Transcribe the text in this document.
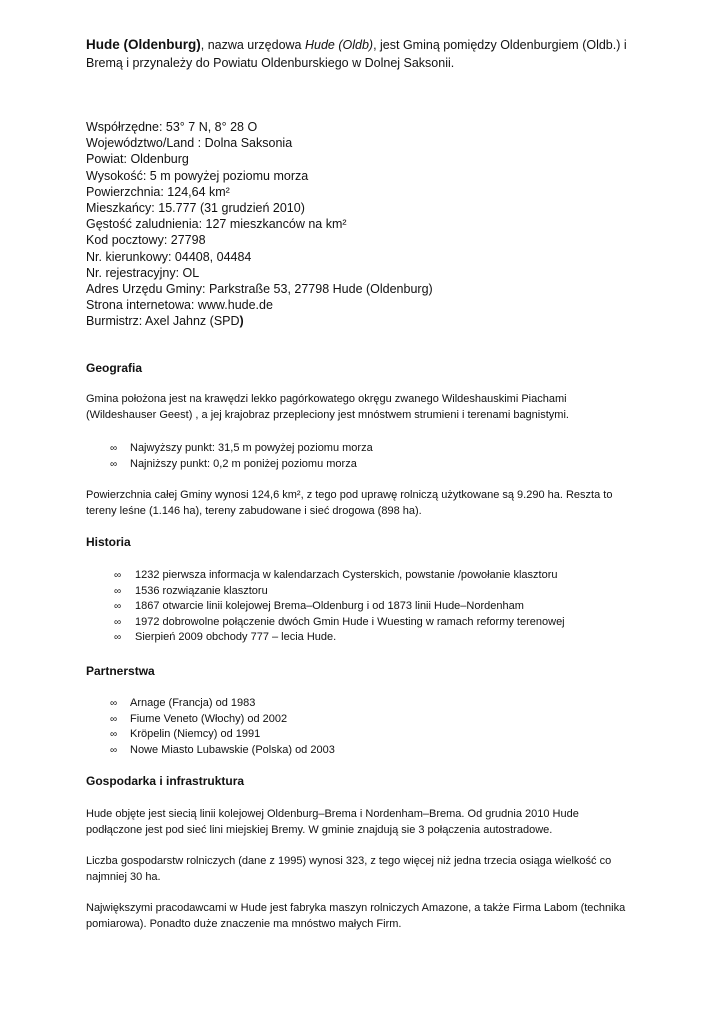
Hude (Oldenburg), nazwa urzędowa Hude (Oldb), jest Gminą pomiędzy Oldenburgiem (Oldb.) i
Bremą i przynależy do Powiatu Oldenburskiego w Dolnej Saksonii.
Współrzędne: 53° 7 N, 8° 28 O
Województwo/Land : Dolna Saksonia
Powiat: Oldenburg
Wysokość: 5 m powyżej poziomu morza
Powierzchnia: 124,64 km²
Mieszkańcy: 15.777 (31 grudzień 2010)
Gęstość zaludnienia: 127 mieszkanców na km²
Kod pocztowy: 27798
Nr. kierunkowy: 04408, 04484
Nr. rejestracyjny: OL
Adres Urzędu Gminy: Parkstraße 53, 27798 Hude (Oldenburg)
Strona internetowa: www.hude.de
Burmistrz: Axel Jahnz (SPD)
Geografia
Gmina położona jest na krawędzi lekko pagórkowatego okręgu zwanego Wildeshauskimi Piachami
(Wildeshauser Geest) , a jej krajobraz przepleciony jest mnóstwem strumieni i terenami bagnistymi.
∞ Najwyższy punkt: 31,5 m powyżej poziomu morza
∞ Najniższy punkt: 0,2 m poniżej poziomu morza
Powierzchnia całej Gminy wynosi 124,6 km², z tego pod uprawę rolniczą użytkowane są 9.290 ha. Reszta to
tereny leśne (1.146 ha), tereny zabudowane i sieć drogowa (898 ha).
Historia
∞ 1232 pierwsza informacja w kalendarzach Cysterskich, powstanie /powołanie klasztoru
∞ 1536 rozwiązanie klasztoru
∞ 1867 otwarcie linii kolejowej Brema–Oldenburg i od 1873 linii Hude–Nordenham
∞ 1972 dobrowolne połączenie dwóch Gmin Hude i Wuesting w ramach reformy terenowej
∞ Sierpień 2009 obchody 777 – lecia Hude.
Partnerstwa
∞ Arnage (Francja) od 1983
∞ Fiume Veneto (Włochy) od 2002
∞ Kröpelin (Niemcy) od 1991
∞ Nowe Miasto Lubawskie (Polska) od 2003
Gospodarka i infrastruktura
Hude objęte jest siecią linii kolejowej Oldenburg–Brema i Nordenham–Brema. Od grudnia 2010 Hude
podłączone jest pod sieć lini miejskiej Bremy. W gminie znajdują sie 3 połączenia autostradowe.
Liczba gospodarstw rolniczych (dane z 1995) wynosi 323, z tego więcej niż jedna trzecia osiąga wielkość co
najmniej 30 ha.
Największymi pracodawcami w Hude jest fabryka maszyn rolniczych Amazone, a także Firma Labom (technika
pomiarowa). Ponadto duże znaczenie ma mnóstwo małych Firm.
